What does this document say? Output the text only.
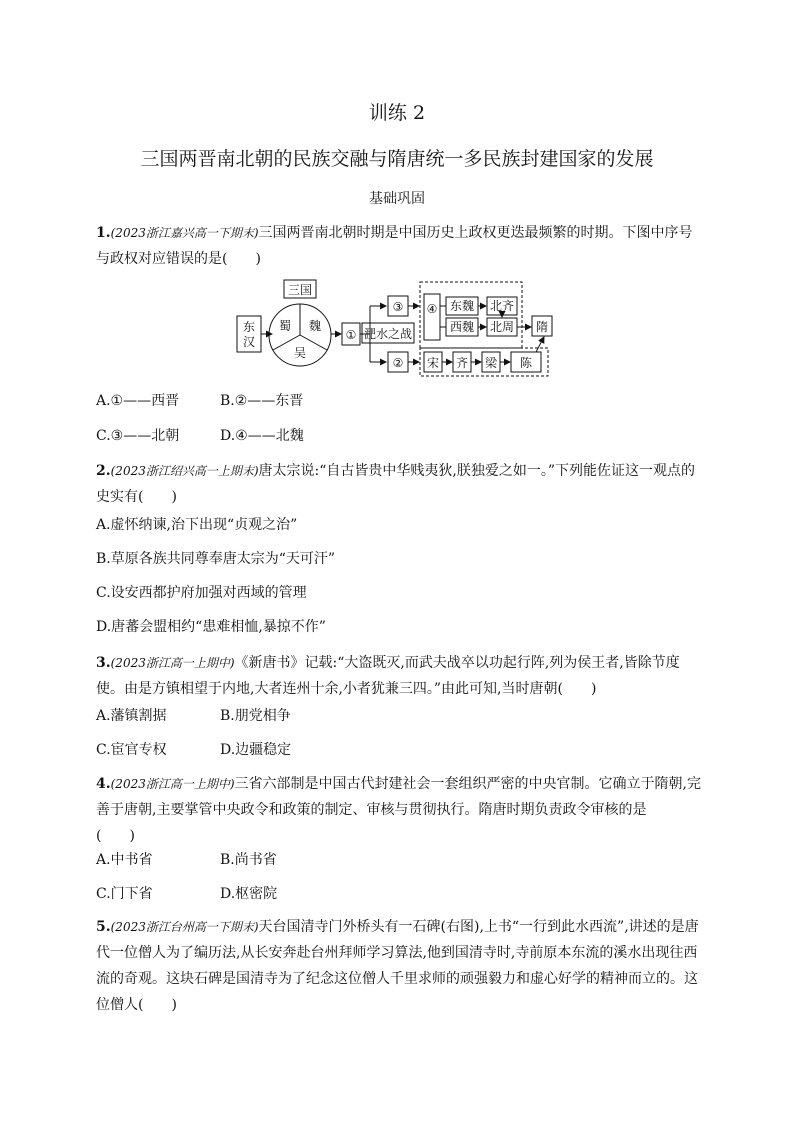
训练 2
三国两晋南北朝的民族交融与隋唐统一多民族封建国家的发展
基础巩固
1.(2023浙江嘉兴高一下期末)三国两晋南北朝时期是中国历史上政权更迭最频繁的时期。下图中序号与政权对应错误的是(　　)
东
汉
三国
蜀 魏
吴
①
③
淝水之战
②
④ 东魏 北齐
西魏 北周 隋
宋 齐 梁 陈
A.①——西晋	B.②——东晋
C.③——北朝	D.④——北魏
2.(2023浙江绍兴高一上期末)唐太宗说:“自古皆贵中华贱夷狄,朕独爱之如一。”下列能佐证这一观点的史实有(　　)
A.虚怀纳谏,治下出现“贞观之治”
B.草原各族共同尊奉唐太宗为“天可汗”
C.设安西都护府加强对西域的管理
D.唐蕃会盟相约“患难相恤,暴掠不作”
3.(2023浙江高一上期中)《新唐书》记载:“大盗既灭,而武夫战卒以功起行阵,列为侯王者,皆除节度使。由是方镇相望于内地,大者连州十余,小者犹兼三四。”由此可知,当时唐朝(　　)
A.藩镇割据	B.朋党相争
C.宦官专权	D.边疆稳定
4.(2023浙江高一上期中)三省六部制是中国古代封建社会一套组织严密的中央官制。它确立于隋朝,完善于唐朝,主要掌管中央政令和政策的制定、审核与贯彻执行。隋唐时期负责政令审核的是
(　　)
A.中书省	B.尚书省
C.门下省	D.枢密院
5.(2023浙江台州高一下期末)天台国清寺门外桥头有一石碑(右图),上书“一行到此水西流”,讲述的是唐代一位僧人为了编历法,从长安奔赴台州拜师学习算法,他到国清寺时,寺前原本东流的溪水出现往西流的奇观。这块石碑是国清寺为了纪念这位僧人千里求师的顽强毅力和虚心好学的精神而立的。这位僧人(　　)
